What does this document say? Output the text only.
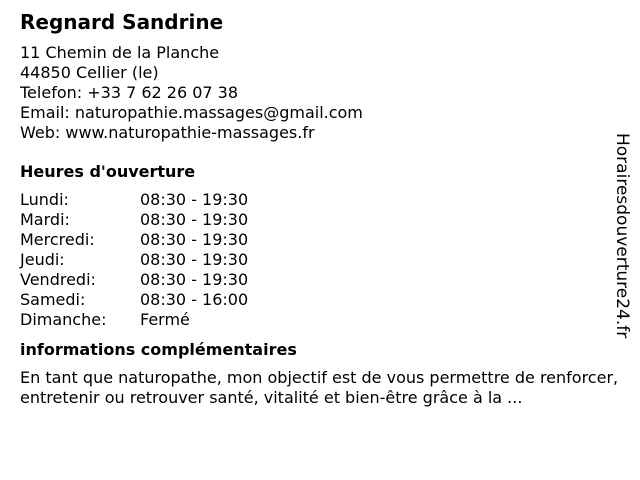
Regnard Sandrine
11 Chemin de la Planche
44850 Cellier (le)
Telefon: +33 7 62 26 07 38
Email: naturopathie.massages@gmail.com
Web: www.naturopathie-massages.fr
Heures d'ouverture
Lundi:	08:30 - 19:30
Mardi:	08:30 - 19:30
Mercredi:	08:30 - 19:30
Jeudi:	08:30 - 19:30
Vendredi:	08:30 - 19:30
Samedi:	08:30 - 16:00
Dimanche:	Fermé
informations complémentaires
En tant que naturopathe, mon objectif est de vous permettre de renforcer, entretenir ou retrouver santé, vitalité et bien-être grâce à la ...
Horairesdouverture24.fr
